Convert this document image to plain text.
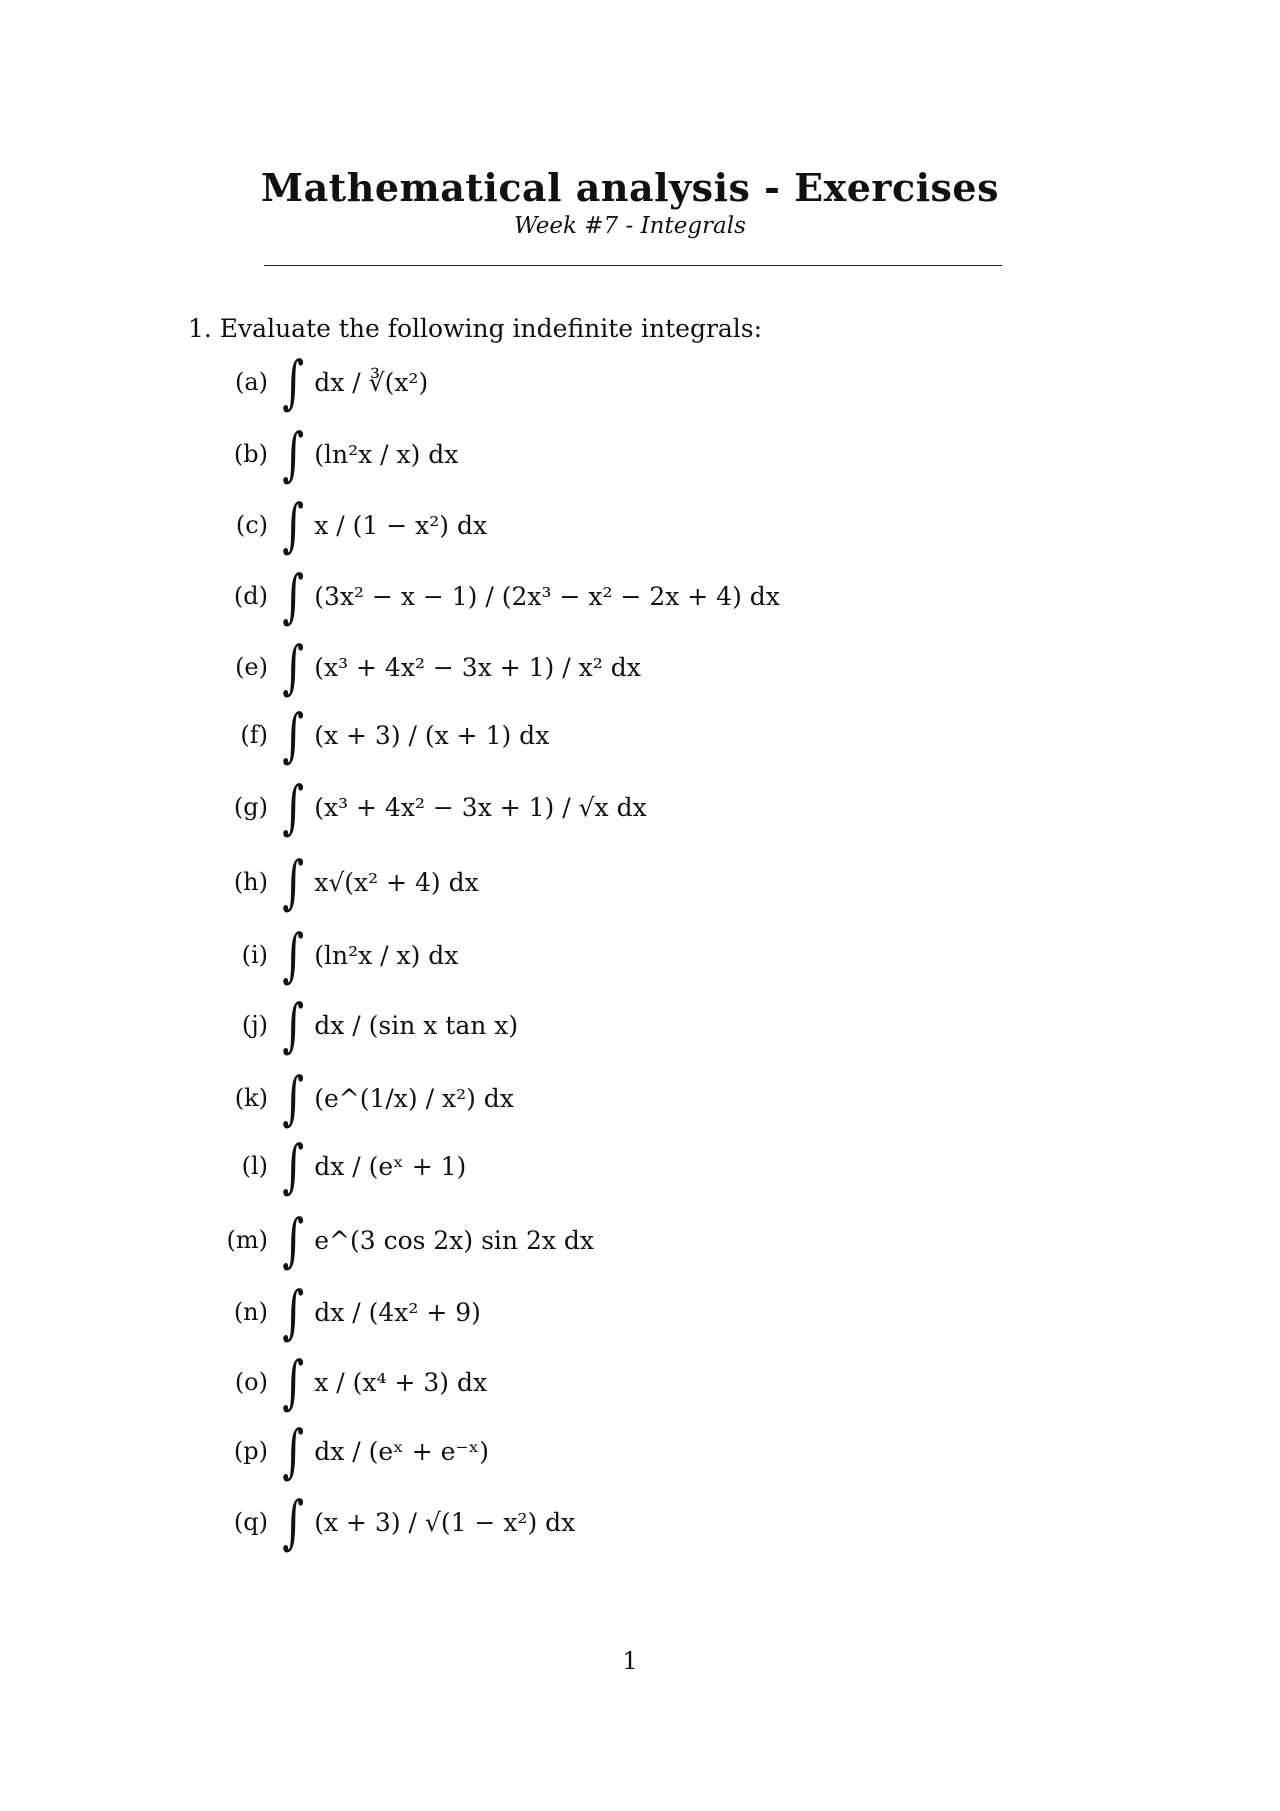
Mathematical analysis - Exercises
Week #7 - Integrals
1. Evaluate the following indefinite integrals:
(a) ∫ dx / ∛(x²)
(b) ∫ (ln²x / x) dx
(c) ∫ x / (1 − x²) dx
(d) ∫ (3x² − x − 1) / (2x³ − x² − 2x + 4) dx
(e) ∫ (x³ + 4x² − 3x + 1) / x² dx
(f) ∫ (x + 3) / (x + 1) dx
(g) ∫ (x³ + 4x² − 3x + 1) / √x dx
(h) ∫ x√(x² + 4) dx
(i) ∫ (ln²x / x) dx
(j) ∫ dx / (sin x tan x)
(k) ∫ (e^(1/x) / x²) dx
(l) ∫ dx / (eˣ + 1)
(m) ∫ e^(3 cos 2x) sin 2x dx
(n) ∫ dx / (4x² + 9)
(o) ∫ x / (x⁴ + 3) dx
(p) ∫ dx / (eˣ + e⁻ˣ)
(q) ∫ (x + 3) / √(1 − x²) dx
1
